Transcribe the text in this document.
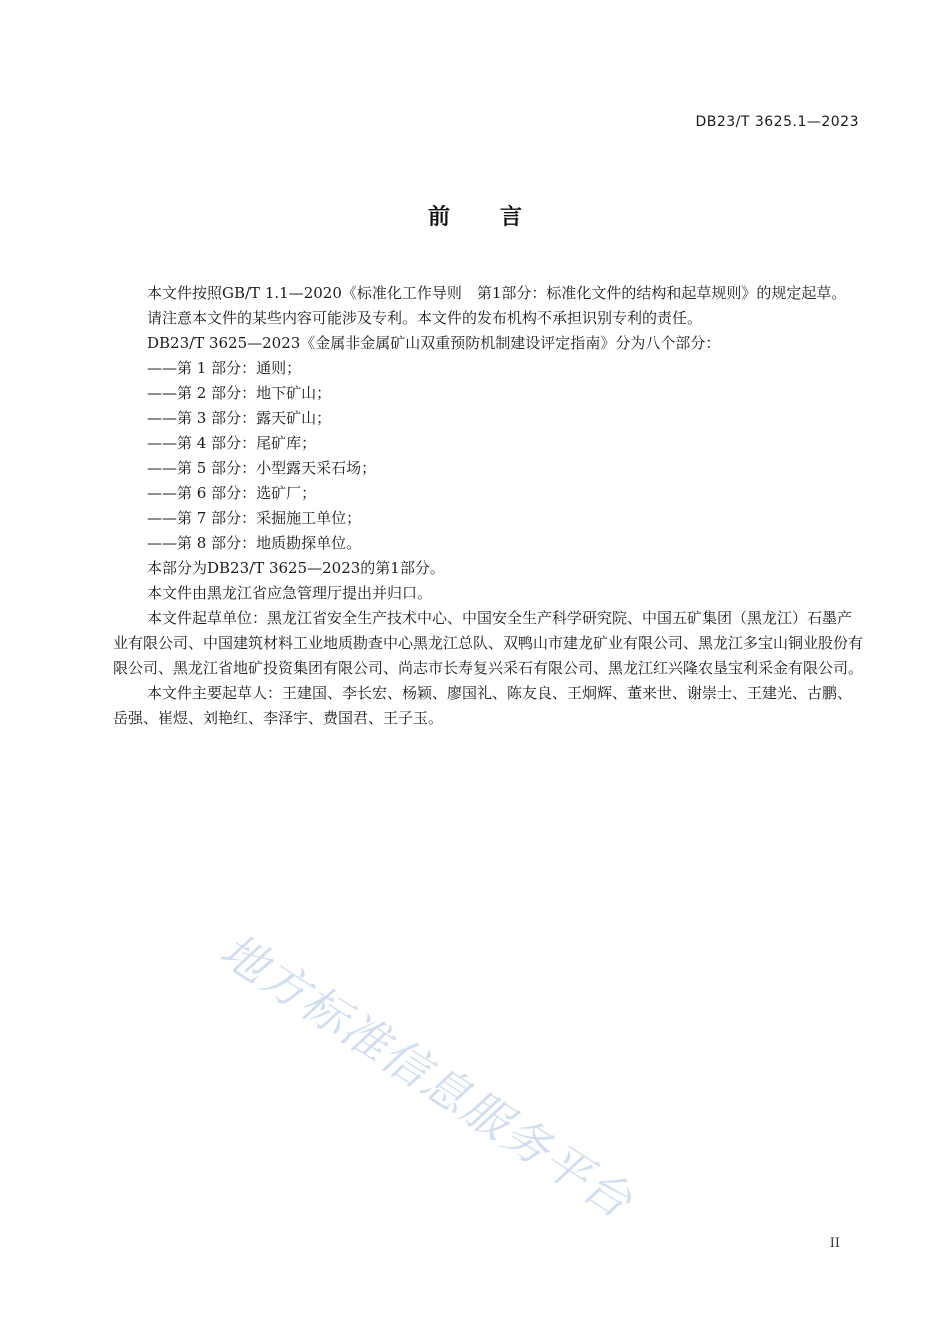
DB23/T 3625.1—2023
前言

本文件按照GB/T 1.1—2020《标准化工作导则　第1部分：标准化文件的结构和起草规则》的规定起草。

请注意本文件的某些内容可能涉及专利。本文件的发布机构不承担识别专利的责任。

DB23/T 3625—2023《金属非金属矿山双重预防机制建设评定指南》分为八个部分：

——第 1 部分：通则；

——第 2 部分：地下矿山；

——第 3 部分：露天矿山；

——第 4 部分：尾矿库；

——第 5 部分：小型露天采石场；

——第 6 部分：选矿厂；

——第 7 部分：采掘施工单位；

——第 8 部分：地质勘探单位。

本部分为DB23/T 3625—2023的第1部分。

本文件由黑龙江省应急管理厅提出并归口。

本文件起草单位：黑龙江省安全生产技术中心、中国安全生产科学研究院、中国五矿集团（黑龙江）石墨产业有限公司、中国建筑材料工业地质勘查中心黑龙江总队、双鸭山市建龙矿业有限公司、黑龙江多宝山铜业股份有限公司、黑龙江省地矿投资集团有限公司、尚志市长寿复兴采石有限公司、黑龙江红兴隆农垦宝利采金有限公司。

本文件主要起草人：王建国、李长宏、杨颖、廖国礼、陈友良、王炯辉、董来世、谢崇士、王建光、古鹏、岳强、崔煜、刘艳红、李泽宇、费国君、王子玉。

地方标准信息服务平台
II
